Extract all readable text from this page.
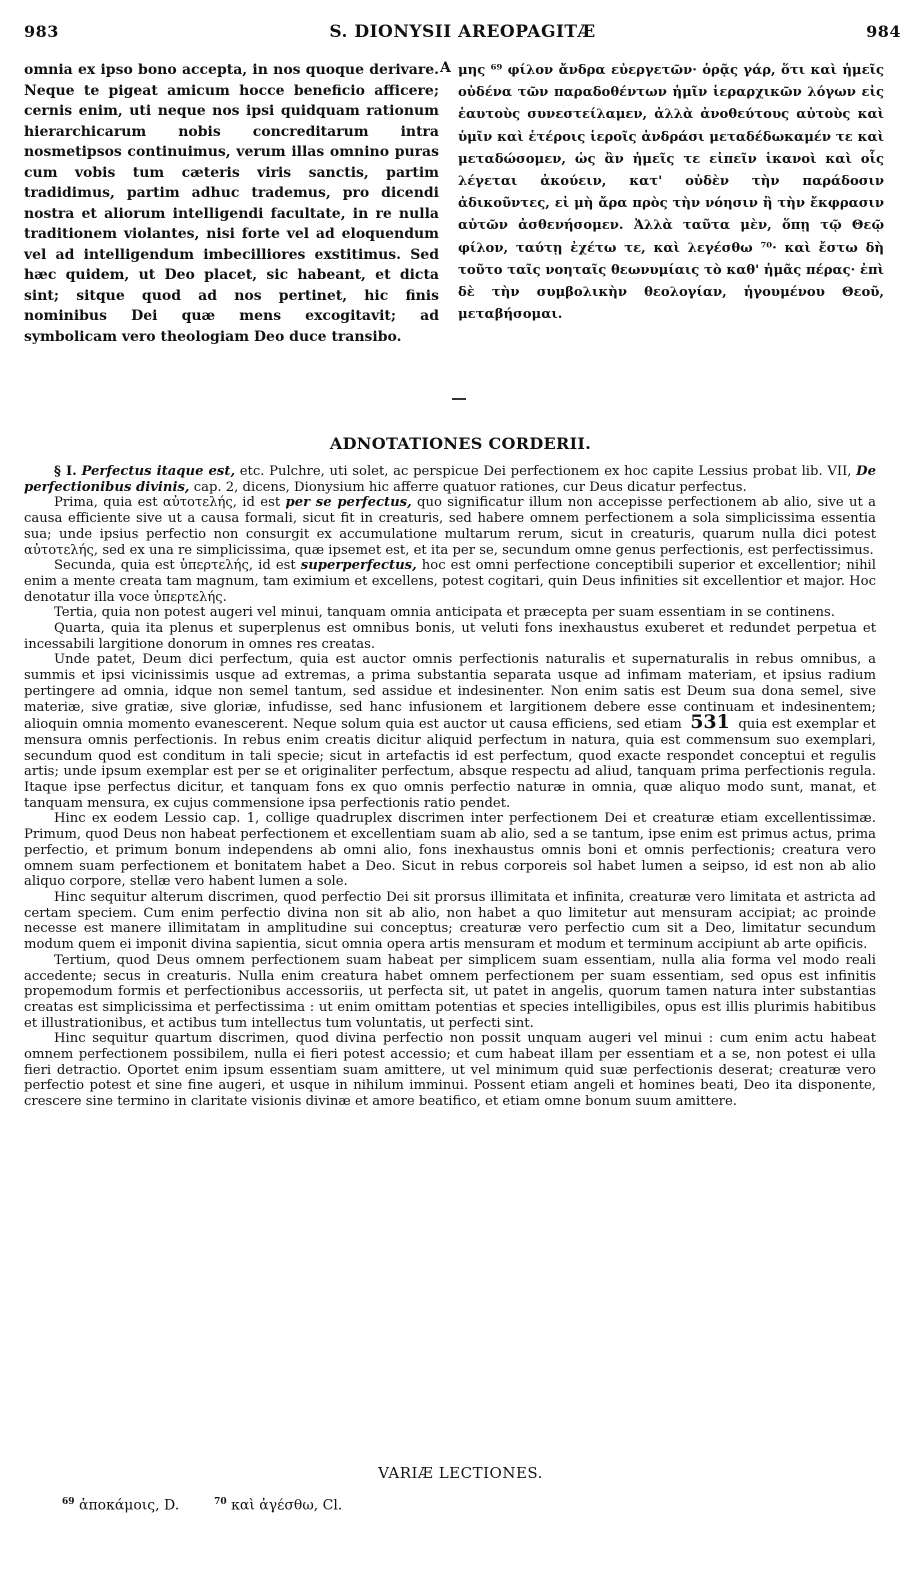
983	S. DIONYSII AREOPAGITÆ	984

omnia ex ipso bono accepta, in nos quoque derivare. Neque te pigeat amicum hocce beneficio afficere; cernis enim, uti neque nos ipsi quidquam rationum hierarchicarum nobis concreditarum intra nosmetipsos continuimus, verum illas omnino puras cum vobis tum cæteris viris sanctis, partim tradidimus, partim adhuc trademus, pro dicendi nostra et aliorum intelligendi facultate, in re nulla traditionem violantes, nisi forte vel ad eloquendum vel ad intelligendum imbecilliores exstitimus. Sed hæc quidem, ut Deo placet, sic habeant, et dicta sint; sitque quod ad nos pertinet, hic finis nominibus Dei quæ mens excogitavit; ad symbolicam vero theologiam Deo duce transibo.

A μης ⁶⁹ φίλον ἄνδρα εὐεργετῶν· ὁρᾷς γάρ, ὅτι καὶ ἡμεῖς οὐδένα τῶν παραδοθέντων ἡμῖν ἱεραρχικῶν λόγων εἰς ἑαυτοὺς συνεστείλαμεν, ἀλλὰ ἀνοθεύτους αὐτοὺς καὶ ὑμῖν καὶ ἑτέροις ἱεροῖς ἀνδράσι μεταδέδωκαμέν τε καὶ μεταδώσομεν, ὡς ἂν ἡμεῖς τε εἰπεῖν ἱκανοὶ καὶ οἷς λέγεται ἀκούειν, κατ' οὐδὲν τὴν παράδοσιν ἀδικοῦντες, εἰ μὴ ἄρα πρὸς τὴν νόησιν ἢ τὴν ἔκφρασιν αὐτῶν ἀσθενήσομεν. Ἀλλὰ ταῦτα μὲν, ὅπῃ τῷ Θεῷ φίλον, ταύτῃ ἐχέτω τε, καὶ λεγέσθω ⁷⁰· καὶ ἔστω δὴ τοῦτο ταῖς νοηταῖς θεωνυμίαις τὸ καθ' ἡμᾶς πέρας· ἐπὶ δὲ τὴν συμβολικὴν θεολογίαν, ἡγουμένου Θεοῦ, μεταβήσομαι.

ADNOTATIONES CORDERII.

§ I. Perfectus itaque est, etc. Pulchre, uti solet, ac perspicue Dei perfectionem ex hoc capite Lessius probat lib. VII, De perfectionibus divinis, cap. 2, dicens, Dionysium hic afferre quatuor rationes, cur Deus dicatur perfectus.

Prima, quia est αὐτοτελής, id est per se perfectus, quo significatur illum non accepisse perfectionem ab alio, sive ut a causa efficiente sive ut a causa formali, sicut fit in creaturis, sed habere omnem perfectionem a sola simplicissima essentia sua; unde ipsius perfectio non consurgit ex accumulatione multarum rerum, sicut in creaturis, quarum nulla dici potest αὐτοτελής, sed ex una re simplicissima, quæ ipsemet est, et ita per se, secundum omne genus perfectionis, est perfectissimus.

Secunda, quia est ὑπερτελής, id est superperfectus, hoc est omni perfectione conceptibili superior et excellentior; nihil enim a mente creata tam magnum, tam eximium et excellens, potest cogitari, quin Deus infinities sit excellentior et major. Hoc denotatur illa voce ὑπερτελής.

Tertia, quia non potest augeri vel minui, tanquam omnia anticipata et præcepta per suam essentiam in se continens.

Quarta, quia ita plenus et superplenus est omnibus bonis, ut veluti fons inexhaustus exuberet et redundet perpetua et incessabili largitione donorum in omnes res creatas.

Unde patet, Deum dici perfectum, quia est auctor omnis perfectionis naturalis et supernaturalis in rebus omnibus, a summis et ipsi vicinissimis usque ad extremas, a prima substantia separata usque ad infimam materiam, et ipsius radium pertingere ad omnia, idque non semel tantum, sed assidue et indesinenter. Non enim satis est Deum sua dona semel, sive materiæ, sive gratiæ, sive gloriæ, infudisse, sed hanc infusionem et largitionem debere esse continuam et indesinentem; alioquin omnia momento evanescerent. Neque solum quia est auctor ut causa efficiens, sed etiam 531 quia est exemplar et mensura omnis perfectionis. In rebus enim creatis dicitur aliquid perfectum in natura, quia est commensum suo exemplari, secundum quod est conditum in tali specie; sicut in artefactis id est perfectum, quod exacte respondet conceptui et regulis artis; unde ipsum exemplar est per se et originaliter perfectum, absque respectu ad aliud, tanquam prima perfectionis regula. Itaque ipse perfectus dicitur, et tanquam fons ex quo omnis perfectio naturæ in omnia, quæ aliquo modo sunt, manat, et tanquam mensura, ex cujus commensione ipsa perfectionis ratio pendet.

Hinc ex eodem Lessio cap. 1, collige quadruplex discrimen inter perfectionem Dei et creaturæ etiam excellentissimæ. Primum, quod Deus non habeat perfectionem et excellentiam suam ab alio, sed a se tantum, ipse enim est primus actus, prima perfectio, et primum bonum independens ab omni alio, fons inexhaustus omnis boni et omnis perfectionis; creatura vero omnem suam perfectionem et bonitatem habet a Deo. Sicut in rebus corporeis sol habet lumen a seipso, id est non ab alio aliquo corpore, stellæ vero habent lumen a sole.

Hinc sequitur alterum discrimen, quod perfectio Dei sit prorsus illimitata et infinita, creaturæ vero limitata et astricta ad certam speciem. Cum enim perfectio divina non sit ab alio, non habet a quo limitetur aut mensuram accipiat; ac proinde necesse est manere illimitatam in amplitudine sui conceptus; creaturæ vero perfectio cum sit a Deo, limitatur secundum modum quem ei imponit divina sapientia, sicut omnia opera artis mensuram et modum et terminum accipiunt ab arte opificis.

Tertium, quod Deus omnem perfectionem suam habeat per simplicem suam essentiam, nulla alia forma vel modo reali accedente; secus in creaturis. Nulla enim creatura habet omnem perfectionem per suam essentiam, sed opus est infinitis propemodum formis et perfectionibus accessoriis, ut perfecta sit, ut patet in angelis, quorum tamen natura inter substantias creatas est simplicissima et perfectissima : ut enim omittam potentias et species intelligibiles, opus est illis plurimis habitibus et illustrationibus, et actibus tum intellectus tum voluntatis, ut perfecti sint.

Hinc sequitur quartum discrimen, quod divina perfectio non possit unquam augeri vel minui : cum enim actu habeat omnem perfectionem possibilem, nulla ei fieri potest accessio; et cum habeat illam per essentiam et a se, non potest ei ulla fieri detractio. Oportet enim ipsum essentiam suam amittere, ut vel minimum quid suæ perfectionis deserat; creaturæ vero perfectio potest et sine fine augeri, et usque in nihilum imminui. Possent etiam angeli et homines beati, Deo ita disponente, crescere sine termino in claritate visionis divinæ et amore beatifico, et etiam omne bonum suum amittere.

VARIÆ LECTIONES.
$^{69}$ ἀποκάμοις, D.	$^{70}$ καὶ ἀγέσθω, Cl.
